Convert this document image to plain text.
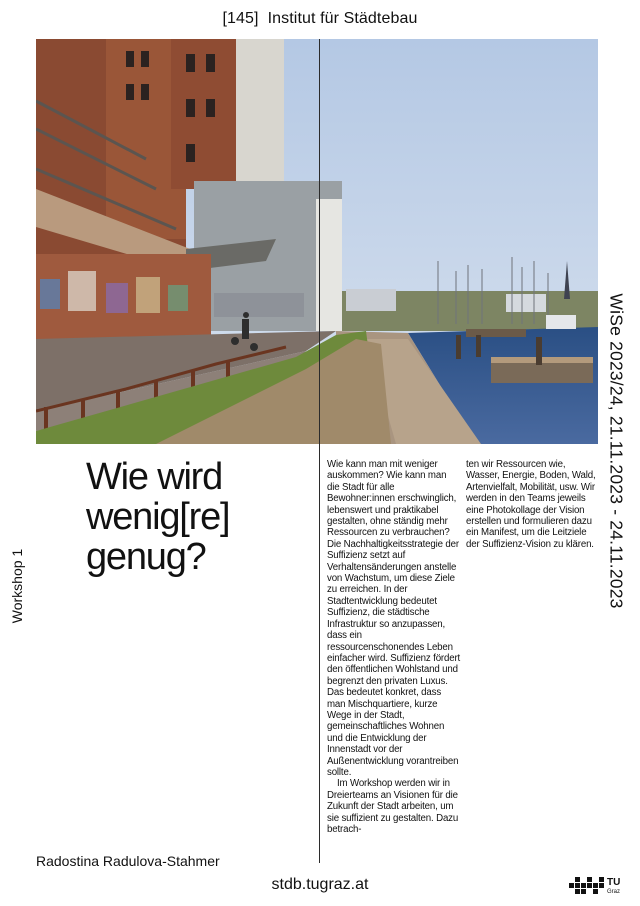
[145] Institut für Städtebau
Workshop 1	WiSe 2023/24, 21.11.2023 - 24.11.2023
Wie wird
wenig[re]
genug?

Wie kann man mit weniger auskommen? Wie kann man die Stadt für alle Bewohner:innen erschwinglich, lebenswert und praktikabel gestalten, ohne ständig mehr Ressourcen zu verbrauchen? Die Nachhaltigkeitsstrategie der Suffizienz setzt auf Verhaltensänderungen anstelle von Wachstum, um diese Ziele zu erreichen. In der Stadtentwicklung bedeutet Suffizienz, die städtische Infrastruktur so anzupassen, dass ein ressourcenschonendes Leben einfacher wird. Suffizienz fördert den öffentlichen Wohlstand und begrenzt den privaten Luxus. Das bedeutet konkret, dass man Mischquartiere, kurze Wege in der Stadt, gemeinschaftliches Wohnen und die Entwicklung der Innenstadt vor der Außenentwicklung vorantreiben sollte.

Im Workshop werden wir in Dreierteams an Visionen für die Zukunft der Stadt arbeiten, um sie suffizient zu gestalten. Dazu betrach-

ten wir Ressourcen wie, Wasser, Energie, Boden, Wald, Artenvielfalt, Mobilität, usw. Wir werden in den Teams jeweils eine Photokollage der Vision erstellen und formulieren dazu ein Manifest, um die Leitziele der Suffizienz-Vision zu klären.

Radostina Radulova-Stahmer
stdb.tugraz.at	TU
Graz
